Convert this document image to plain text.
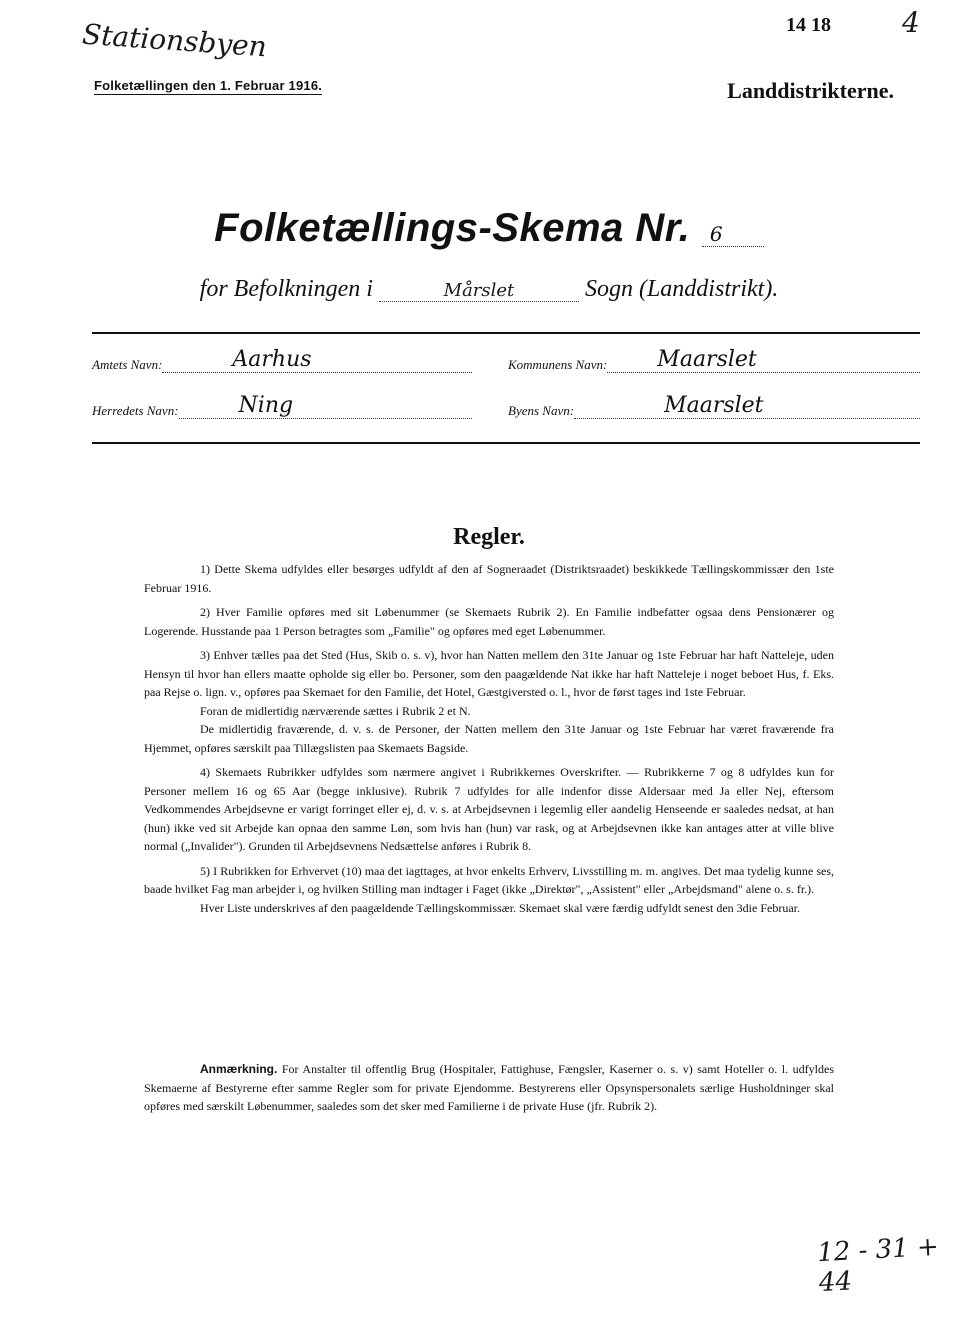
Stationsbyen
Folketællingen den 1. Februar 1916.
14 18	4
Landdistrikterne.
Folketællings-Skema Nr. 6
for Befolkningen i	Mårslet	Sogn (Landdistrikt).
Amtets Navn:	Aarhus	Kommunens Navn:	Maarslet
Herredets Navn:	Ning	Byens Navn:	Maarslet
Regler.

1) Dette Skema udfyldes eller besørges udfyldt af den af Sogneraadet (Distriktsraadet) beskikkede Tællingskommissær den 1ste Februar 1916.

2) Hver Familie opføres med sit Løbenummer (se Skemaets Rubrik 2). En Familie indbefatter ogsaa dens Pensionærer og Logerende. Husstande paa 1 Person betragtes som „Familie" og opføres med eget Løbenummer.

3) Enhver tælles paa det Sted (Hus, Skib o. s. v), hvor han Natten mellem den 31te Januar og 1ste Februar har haft Natteleje, uden Hensyn til hvor han ellers maatte opholde sig eller bo. Personer, som den paagældende Nat ikke har haft Natteleje i noget beboet Hus, f. Eks. paa Rejse o. lign. v., opføres paa Skemaet for den Familie, det Hotel, Gæstgiversted o. l., hvor de først tages ind 1ste Februar.

Foran de midlertidig nærværende sættes i Rubrik 2 et N.

De midlertidig fraværende, d. v. s. de Personer, der Natten mellem den 31te Januar og 1ste Februar har været fraværende fra Hjemmet, opføres særskilt paa Tillægslisten paa Skemaets Bagside.

4) Skemaets Rubrikker udfyldes som nærmere angivet i Rubrikkernes Overskrifter. — Rubrikkerne 7 og 8 udfyldes kun for Personer mellem 16 og 65 Aar (begge inklusive). Rubrik 7 udfyldes for alle indenfor disse Aldersaar med Ja eller Nej, eftersom Vedkommendes Arbejdsevne er varigt forringet eller ej, d. v. s. at Arbejdsevnen i legemlig eller aandelig Henseende er saaledes nedsat, at han (hun) ikke ved sit Arbejde kan opnaa den samme Løn, som hvis han (hun) var rask, og at Arbejdsevnen ikke kan antages atter at ville blive normal („Invalider"). Grunden til Arbejdsevnens Nedsættelse anføres i Rubrik 8.

5) I Rubrikken for Erhvervet (10) maa det iagttages, at hvor enkelts Erhverv, Livsstilling m. m. angives. Det maa tydelig kunne ses, baade hvilket Fag man arbejder i, og hvilken Stilling man indtager i Faget (ikke „Direktør", „Assistent" eller „Arbejdsmand" alene o. s. fr.).

Hver Liste underskrives af den paagældende Tællingskommissær. Skemaet skal være færdig udfyldt senest den 3die Februar.

Anmærkning. For Anstalter til offentlig Brug (Hospitaler, Fattighuse, Fængsler, Kaserner o. s. v) samt Hoteller o. l. udfyldes Skemaerne af Bestyrerne efter samme Regler som for private Ejendomme. Bestyrerens eller Opsynspersonalets særlige Husholdninger skal opføres med særskilt Løbenummer, saaledes som det sker med Familierne i de private Huse (jfr. Rubrik 2).
12 - 31 + 44
